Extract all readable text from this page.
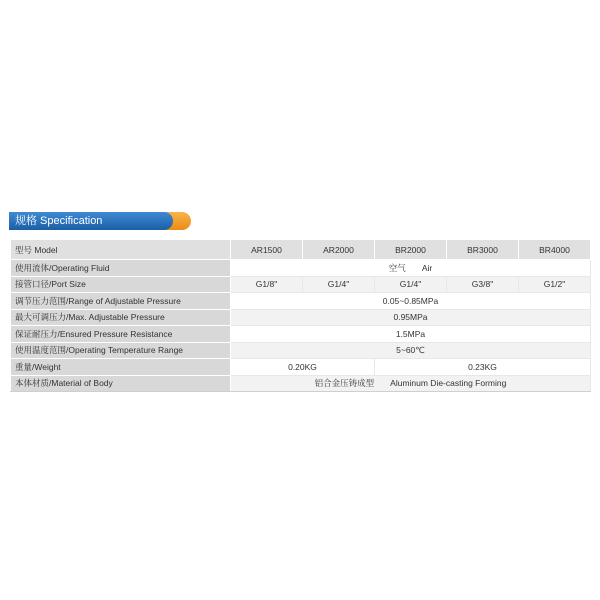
规格 Specification
型号 Model	AR1500	AR2000	BR2000	BR3000	BR4000
使用流体/Operating Fluid	空气 Air				
接管口径/Port Size	G1/8"	G1/4"	G1/4"	G3/8"	G1/2"
调节压力范围/Range of Adjustable Pressure	0.05~0.85MPa				
最大可调压力/Max. Adjustable Pressure	0.95MPa				
保证耐压力/Ensured Pressure Resistance	1.5MPa				
使用温度范围/Operating Temperature Range	5~60℃				
重量/Weight	0.20KG		0.23KG		
本体材质/Material of Body	铝合金压铸成型 Aluminum Die-casting Forming				
